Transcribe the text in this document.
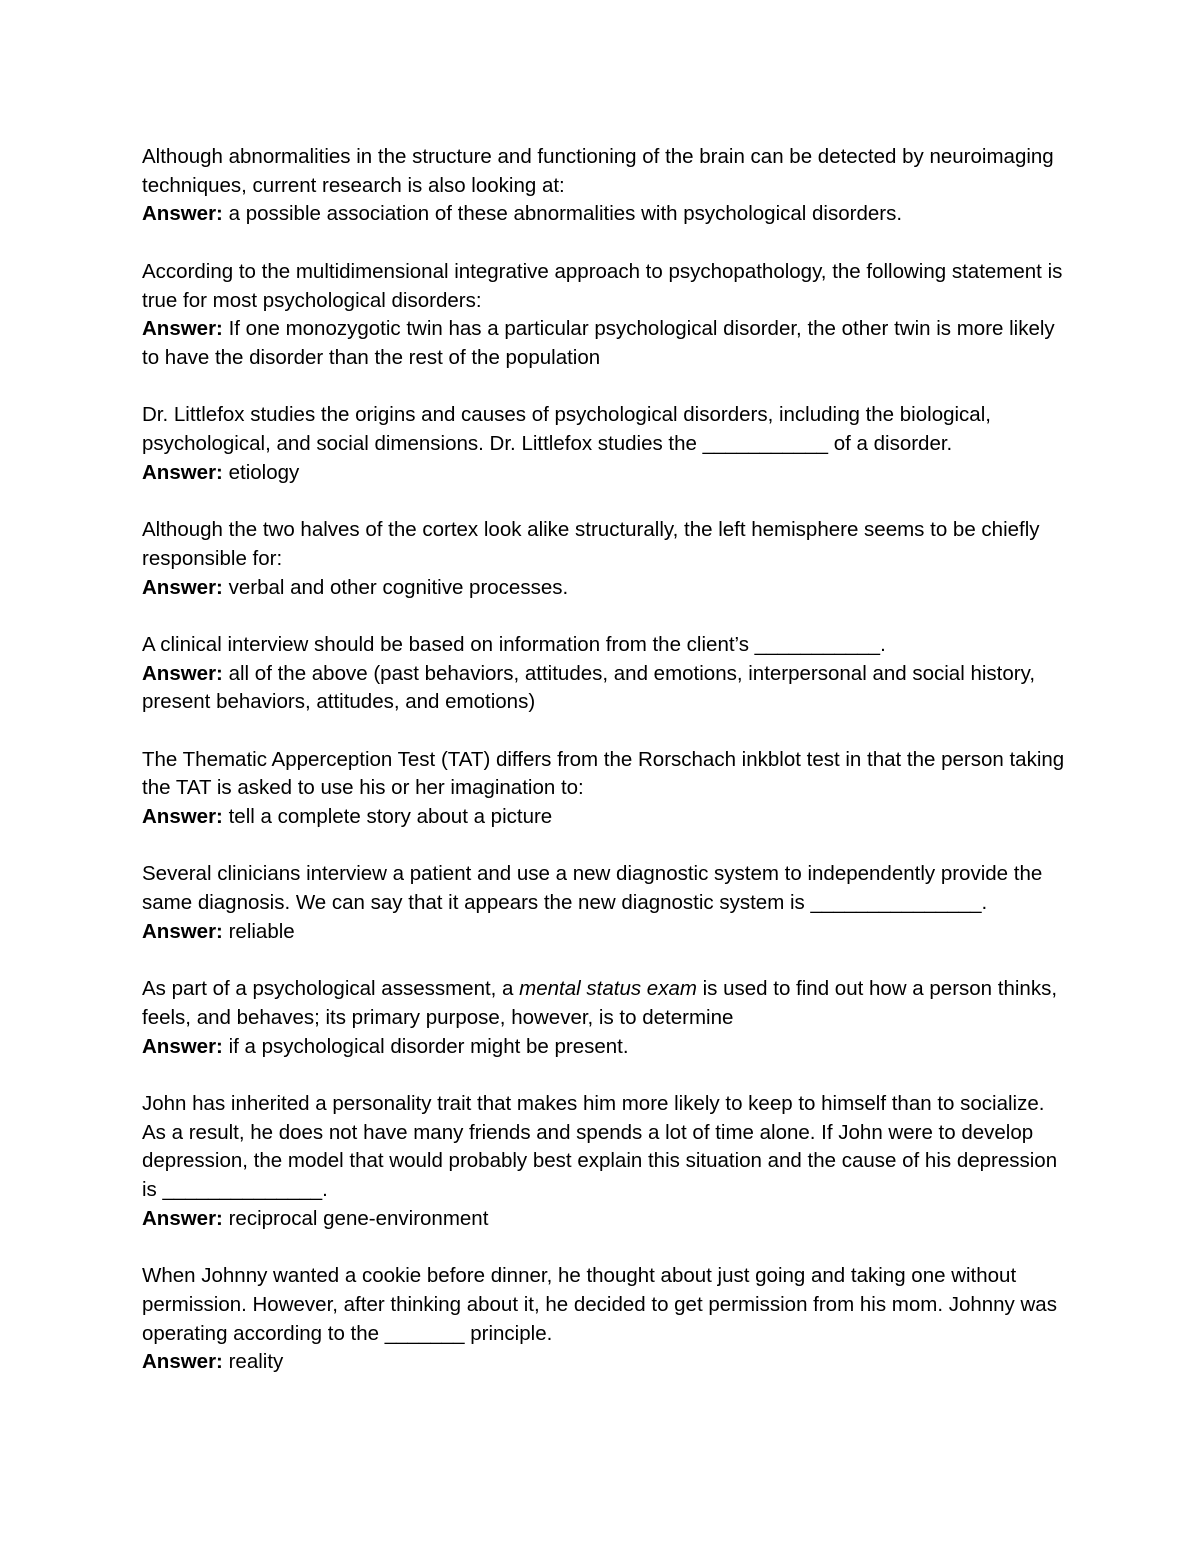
Although abnormalities in the structure and functioning of the brain can be detected by neuroimaging techniques, current research is also looking at:
Answer: a possible association of these abnormalities with psychological disorders.
According to the multidimensional integrative approach to psychopathology, the following statement is true for most psychological disorders:
Answer: If one monozygotic twin has a particular psychological disorder, the other twin is more likely to have the disorder than the rest of the population
Dr. Littlefox studies the origins and causes of psychological disorders, including the biological, psychological, and social dimensions. Dr. Littlefox studies the ___________ of a disorder.
Answer: etiology
Although the two halves of the cortex look alike structurally, the left hemisphere seems to be chiefly responsible for:
Answer: verbal and other cognitive processes.
A clinical interview should be based on information from the client’s ___________.
Answer: all of the above (past behaviors, attitudes, and emotions, interpersonal and social history, present behaviors, attitudes, and emotions)
The Thematic Apperception Test (TAT) differs from the Rorschach inkblot test in that the person taking the TAT is asked to use his or her imagination to:
Answer: tell a complete story about a picture
Several clinicians interview a patient and use a new diagnostic system to independently provide the same diagnosis. We can say that it appears the new diagnostic system is _______________.
Answer: reliable
As part of a psychological assessment, a mental status exam is used to find out how a person thinks, feels, and behaves; its primary purpose, however, is to determine
Answer: if a psychological disorder might be present.
John has inherited a personality trait that makes him more likely to keep to himself than to socialize. As a result, he does not have many friends and spends a lot of time alone. If John were to develop depression, the model that would probably best explain this situation and the cause of his depression is ______________.
Answer: reciprocal gene-environment
When Johnny wanted a cookie before dinner, he thought about just going and taking one without permission. However, after thinking about it, he decided to get permission from his mom. Johnny was operating according to the _______ principle.
Answer: reality
